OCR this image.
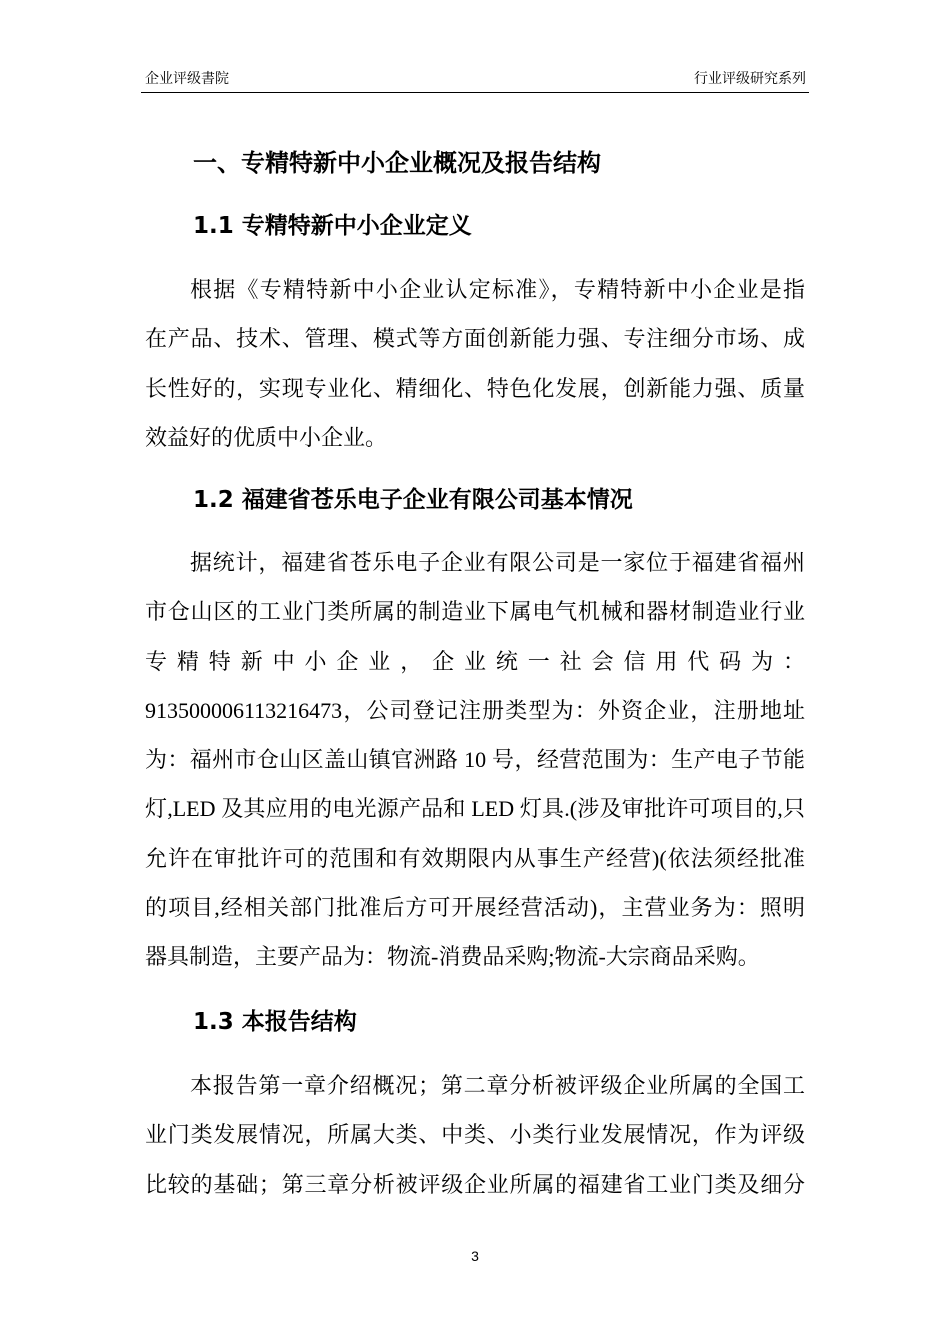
企业评级書院	行业评级研究系列
一、专精特新中小企业概况及报告结构
1.1 专精特新中小企业定义
根据《专精特新中小企业认定标准》，专精特新中小企业是指
在产品、技术、管理、模式等方面创新能力强、专注细分市场、成
长性好的，实现专业化、精细化、特色化发展，创新能力强、质量
效益好的优质中小企业。
1.2 福建省苍乐电子企业有限公司基本情况
据统计，福建省苍乐电子企业有限公司是一家位于福建省福州
市仓山区的工业门类所属的制造业下属电气机械和器材制造业行业
专精特新中小企业，企业统一社会信用代码为：
913500006113216473，公司登记注册类型为：外资企业，注册地址
为：福州市仓山区盖山镇官洲路 10 号，经营范围为：生产电子节能
灯,LED 及其应用的电光源产品和 LED 灯具.(涉及审批许可项目的,只
允许在审批许可的范围和有效期限内从事生产经营)(依法须经批准
的项目,经相关部门批准后方可开展经营活动)，主营业务为：照明
器具制造，主要产品为：物流-消费品采购;物流-大宗商品采购。
1.3 本报告结构
本报告第一章介绍概况；第二章分析被评级企业所属的全国工
业门类发展情况，所属大类、中类、小类行业发展情况，作为评级
比较的基础；第三章分析被评级企业所属的福建省工业门类及细分
3
